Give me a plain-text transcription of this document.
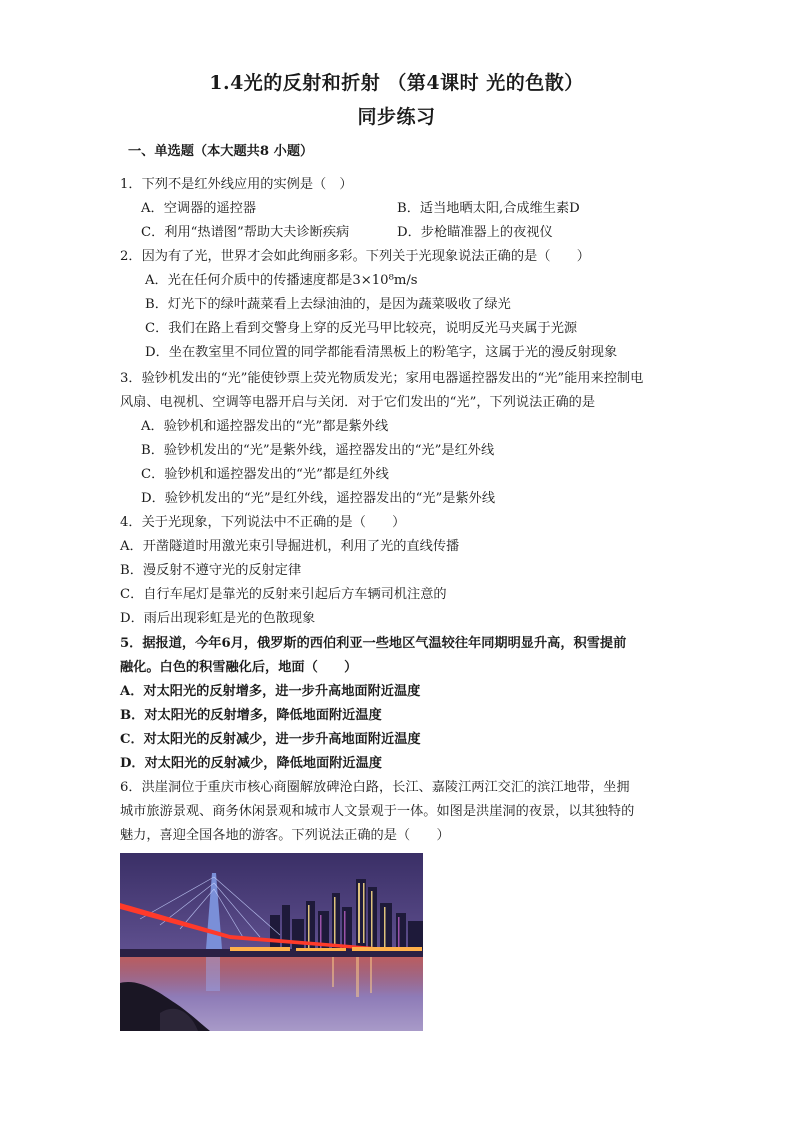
1.4光的反射和折射 （第4课时 光的色散）
同步练习
一、单选题（本大题共8 小题）
1．下列不是红外线应用的实例是（　）
A．空调器的遥控器	B．适当地晒太阳,合成维生素D
C．利用“热谱图”帮助大夫诊断疾病	D．步枪瞄准器上的夜视仪
2．因为有了光，世界才会如此绚丽多彩。下列关于光现象说法正确的是（　　）
A．光在任何介质中的传播速度都是3×10⁸m/s
B．灯光下的绿叶蔬菜看上去绿油油的，是因为蔬菜吸收了绿光
C．我们在路上看到交警身上穿的反光马甲比较亮，说明反光马夹属于光源
D．坐在教室里不同位置的同学都能看清黑板上的粉笔字，这属于光的漫反射现象
3．验钞机发出的“光”能使钞票上荧光物质发光；家用电器遥控器发出的“光”能用来控制电
风扇、电视机、空调等电器开启与关闭．对于它们发出的“光”，下列说法正确的是
A．验钞机和遥控器发出的“光”都是紫外线
B．验钞机发出的“光”是紫外线，遥控器发出的“光”是红外线
C．验钞机和遥控器发出的“光”都是红外线
D．验钞机发出的“光”是红外线，遥控器发出的“光”是紫外线
4．关于光现象，下列说法中不正确的是（　　）
A．开凿隧道时用激光束引导掘进机，利用了光的直线传播
B．漫反射不遵守光的反射定律
C．自行车尾灯是靠光的反射来引起后方车辆司机注意的
D．雨后出现彩虹是光的色散现象
5．据报道，今年6月，俄罗斯的西伯利亚一些地区气温较往年同期明显升高，积雪提前
融化。白色的积雪融化后，地面（　　）
A．对太阳光的反射增多，进一步升高地面附近温度
B．对太阳光的反射增多，降低地面附近温度
C．对太阳光的反射减少，进一步升高地面附近温度
D．对太阳光的反射减少，降低地面附近温度
6．洪崖洞位于重庆市核心商圈解放碑沧白路，长江、嘉陵江两江交汇的滨江地带，坐拥
城市旅游景观、商务休闲景观和城市人文景观于一体。如图是洪崖洞的夜景，以其独特的
魅力，喜迎全国各地的游客。下列说法正确的是（　　）
